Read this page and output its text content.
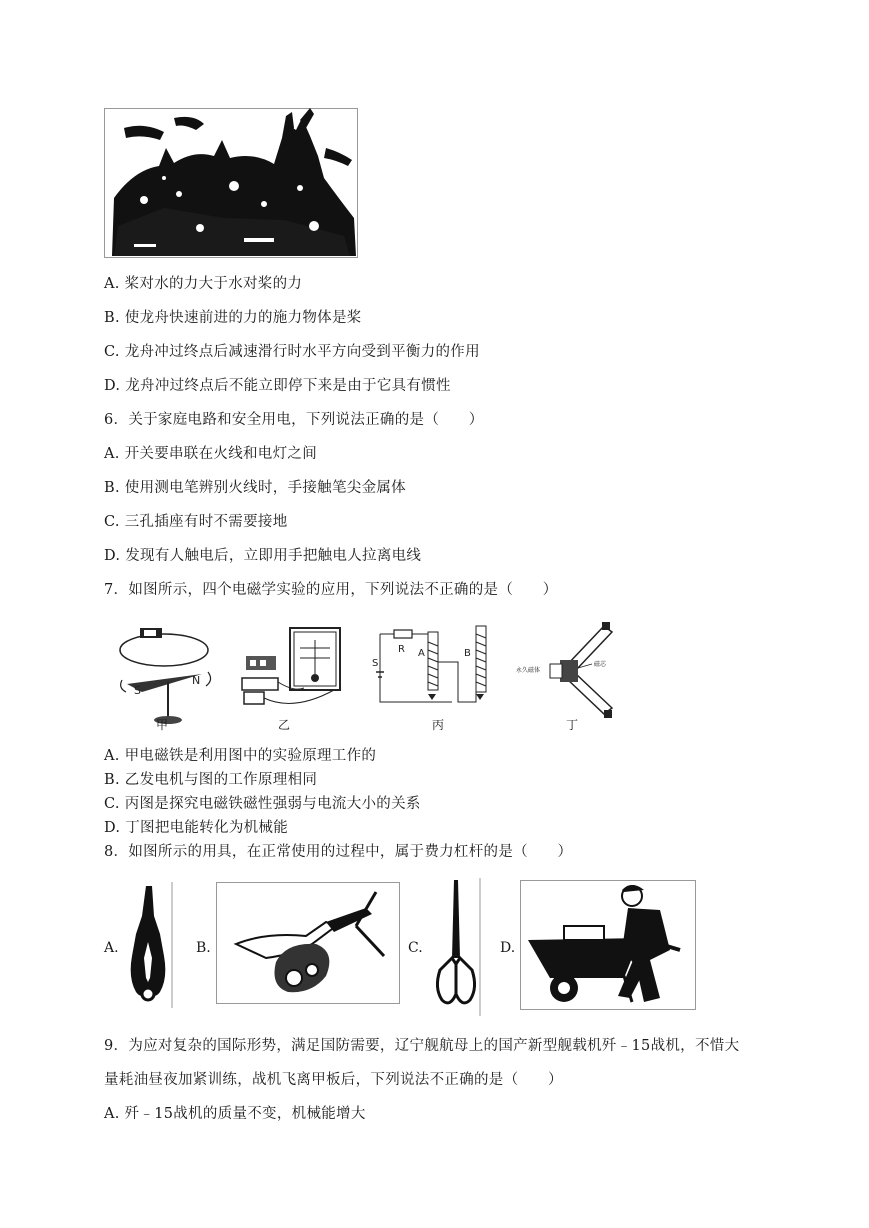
A. 桨对水的力大于水对桨的力
B. 使龙舟快速前进的力的施力物体是桨
C. 龙舟冲过终点后减速滑行时水平方向受到平衡力的作用
D. 龙舟冲过终点后不能立即停下来是由于它具有惯性
6．关于家庭电路和安全用电，下列说法正确的是（　　）
A. 开关要串联在火线和电灯之间
B. 使用测电笔辨别火线时，手接触笔尖金属体
C. 三孔插座有时不需要接地
D. 发现有人触电后，立即用手把触电人拉离电线
7．如图所示，四个电磁学实验的应用，下列说法不正确的是（　　）
S
N
甲	乙
R
S
A	B
丙
永久磁体
磁芯
丁
A. 甲电磁铁是利用图中的实验原理工作的
B. 乙发电机与图的工作原理相同
C. 丙图是探究电磁铁磁性强弱与电流大小的关系
D. 丁图把电能转化为机械能
8．如图所示的用具，在正常使用的过程中，属于费力杠杆的是（　　）
A.	B.	C.	D.
9．为应对复杂的国际形势，满足国防需要，辽宁舰航母上的国产新型舰载机歼﹣15战机，不惜大
量耗油昼夜加紧训练，战机飞离甲板后，下列说法不正确的是（　　）
A. 歼﹣15战机的质量不变，机械能增大
